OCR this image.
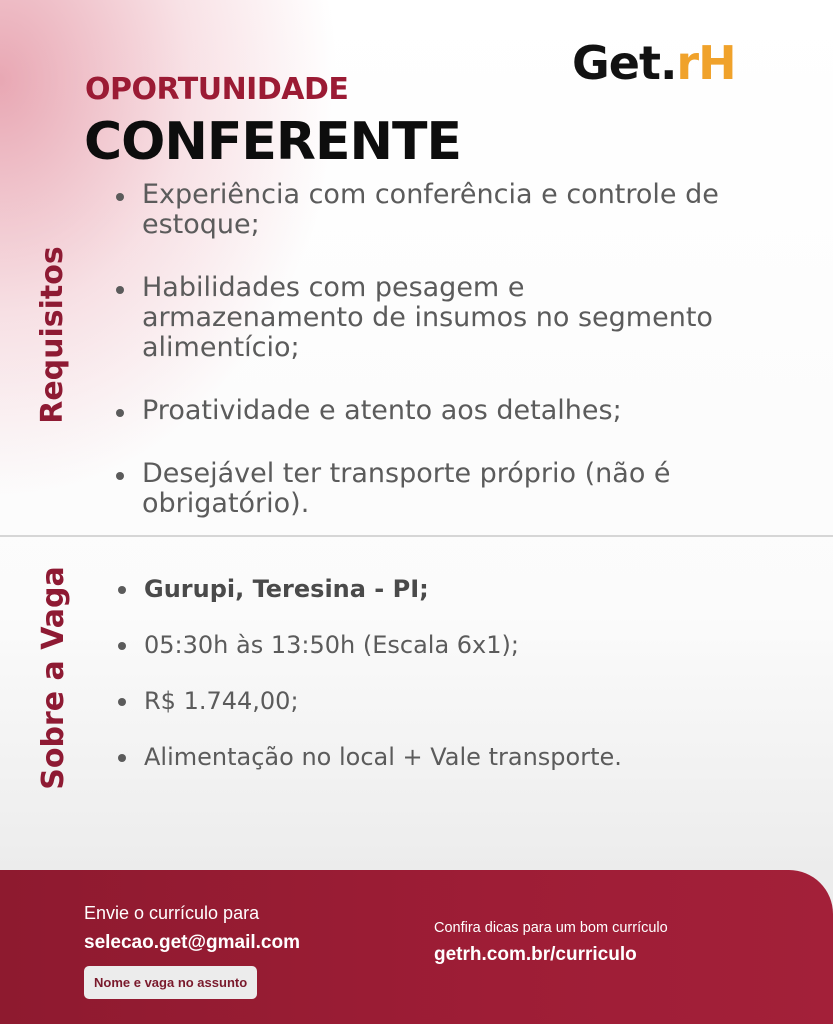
Get.rH
OPORTUNIDADE
CONFERENTE
Requisitos
Experiência com conferência e controle de estoque;
Habilidades com pesagem e armazenamento de insumos no segmento alimentício;
Proatividade e atento aos detalhes;
Desejável ter transporte próprio (não é obrigatório).
Sobre a Vaga	Gurupi, Teresina - PI;
05:30h às 13:50h (Escala 6x1);
R$ 1.744,00;
Alimentação no local + Vale transporte.
Envie o currículo para
selecao.get@gmail.com
Nome e vaga no assunto
Confira dicas para um bom currículo
getrh.com.br/curriculo
